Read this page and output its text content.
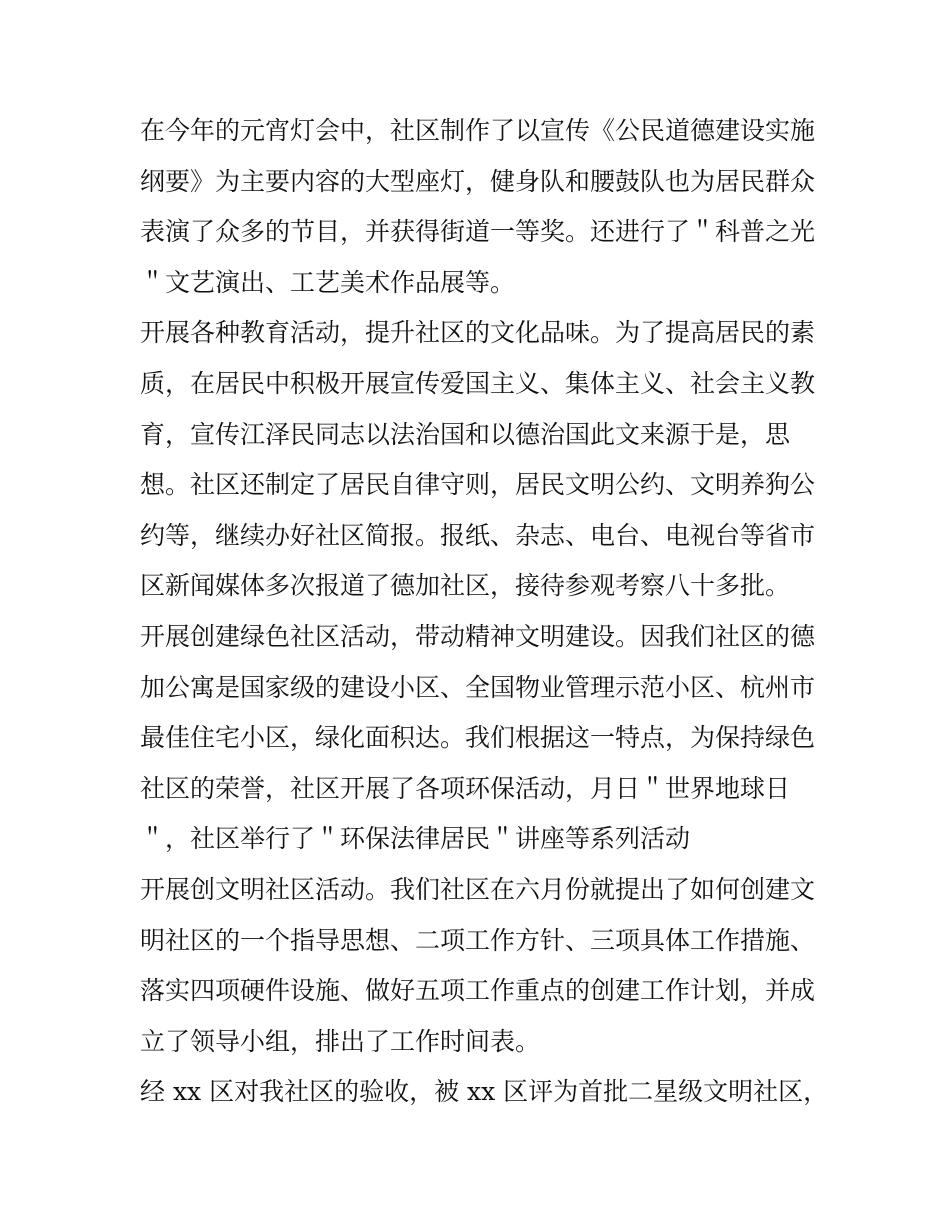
在今年的元宵灯会中，社区制作了以宣传《公民道德建设实施
纲要》为主要内容的大型座灯，健身队和腰鼓队也为居民群众
表演了众多的节目，并获得街道一等奖。还进行了＂科普之光
＂文艺演出、工艺美术作品展等。
开展各种教育活动，提升社区的文化品味。为了提高居民的素
质，在居民中积极开展宣传爱国主义、集体主义、社会主义教
育，宣传江泽民同志以法治国和以德治国此文来源于是，思
想。社区还制定了居民自律守则，居民文明公约、文明养狗公
约等，继续办好社区简报。报纸、杂志、电台、电视台等省市
区新闻媒体多次报道了德加社区，接待参观考察八十多批。
开展创建绿色社区活动，带动精神文明建设。因我们社区的德
加公寓是国家级的建设小区、全国物业管理示范小区、杭州市
最佳住宅小区，绿化面积达。我们根据这一特点，为保持绿色
社区的荣誉，社区开展了各项环保活动，月日＂世界地球日
＂，社区举行了＂环保法律居民＂讲座等系列活动
开展创文明社区活动。我们社区在六月份就提出了如何创建文
明社区的一个指导思想、二项工作方针、三项具体工作措施、
落实四项硬件设施、做好五项工作重点的创建工作计划，并成
立了领导小组，排出了工作时间表。
经 xx 区对我社区的验收，被 xx 区评为首批二星级文明社区，
